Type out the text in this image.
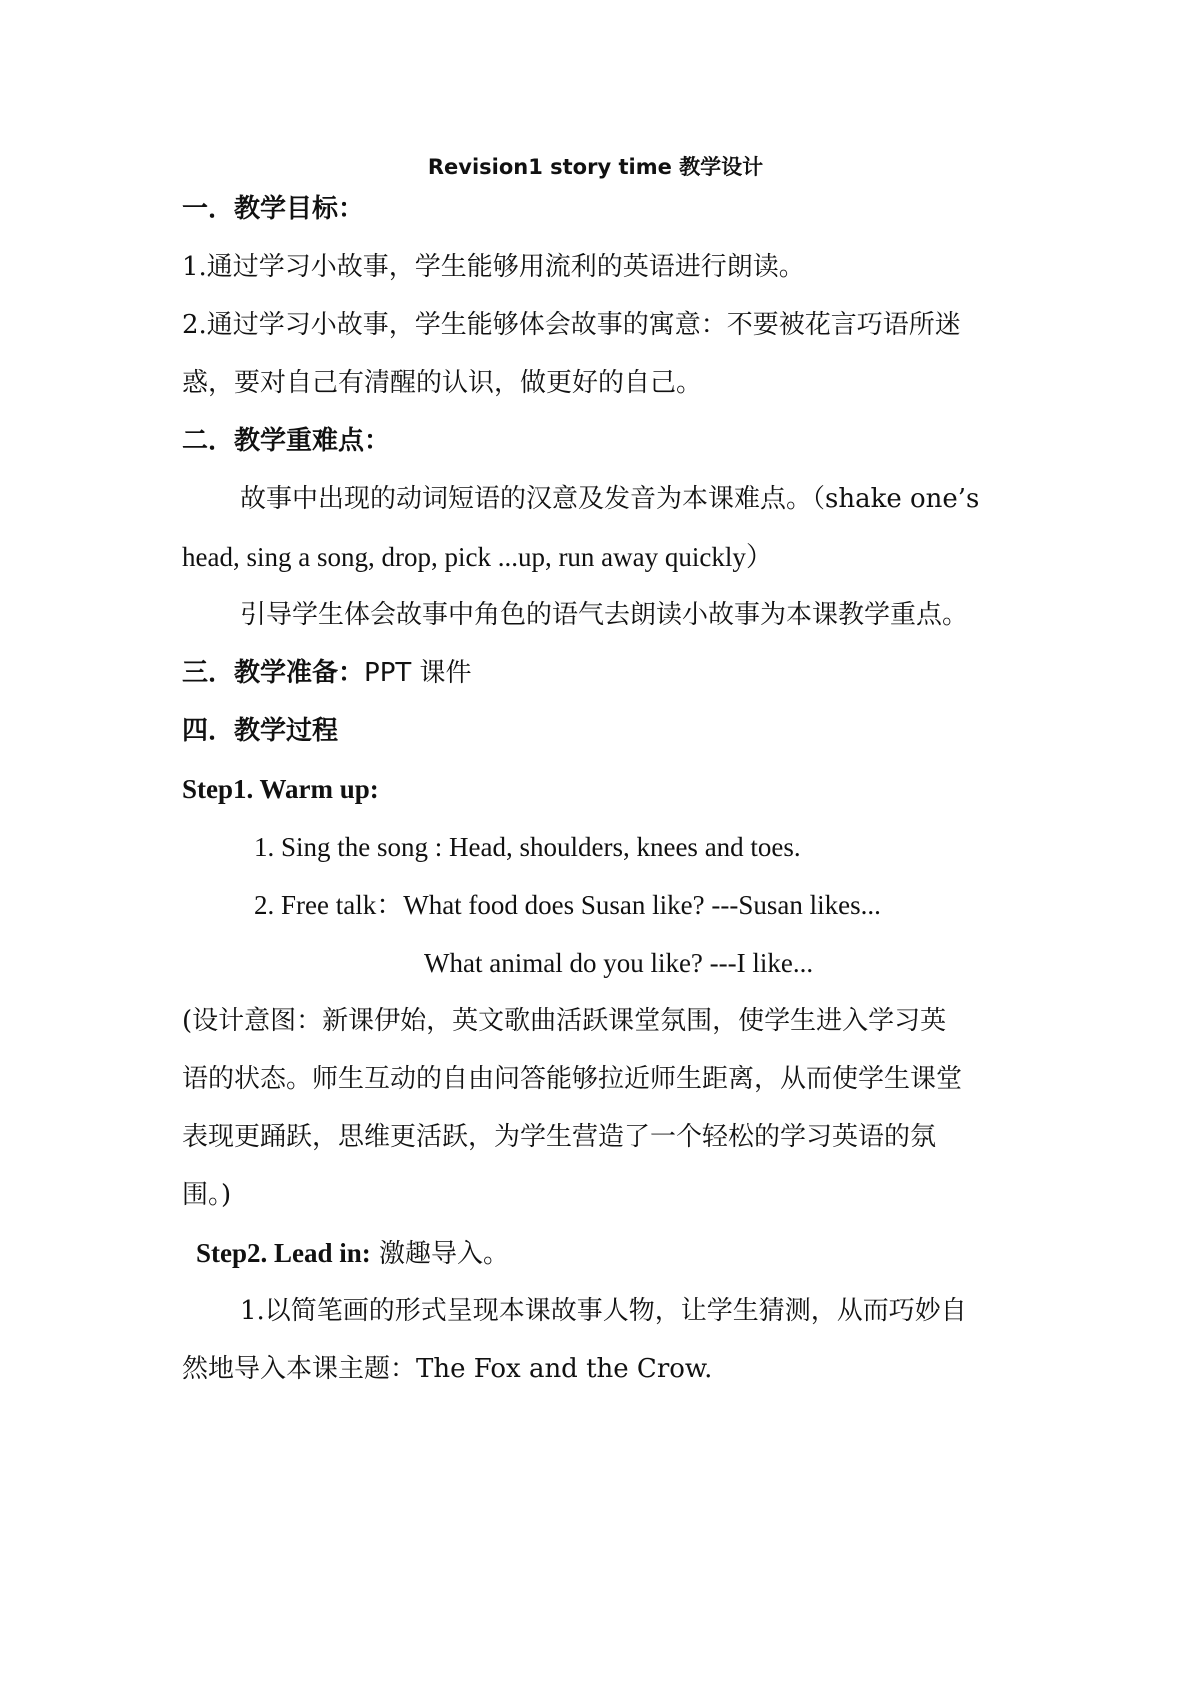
Revision1 story time 教学设计
一．教学目标：
1.通过学习小故事，学生能够用流利的英语进行朗读。
2.通过学习小故事，学生能够体会故事的寓意：不要被花言巧语所迷
惑，要对自己有清醒的认识，做更好的自己。
二．教学重难点：
故事中出现的动词短语的汉意及发音为本课难点。（shake one’s
head, sing a song, drop, pick ...up, run away quickly）
引导学生体会故事中角色的语气去朗读小故事为本课教学重点。
三．教学准备：PPT 课件
四．教学过程
Step1. Warm up:
1. Sing the song : Head, shoulders, knees and toes.
2. Free talk：What food does Susan like? ---Susan likes...
What animal do you like? ---I like...
(设计意图：新课伊始，英文歌曲活跃课堂氛围，使学生进入学习英
语的状态。师生互动的自由问答能够拉近师生距离，从而使学生课堂
表现更踊跃，思维更活跃，为学生营造了一个轻松的学习英语的氛
围。)
Step2. Lead in: 激趣导入。
1.以简笔画的形式呈现本课故事人物，让学生猜测，从而巧妙自
然地导入本课主题：The Fox and the Crow.
